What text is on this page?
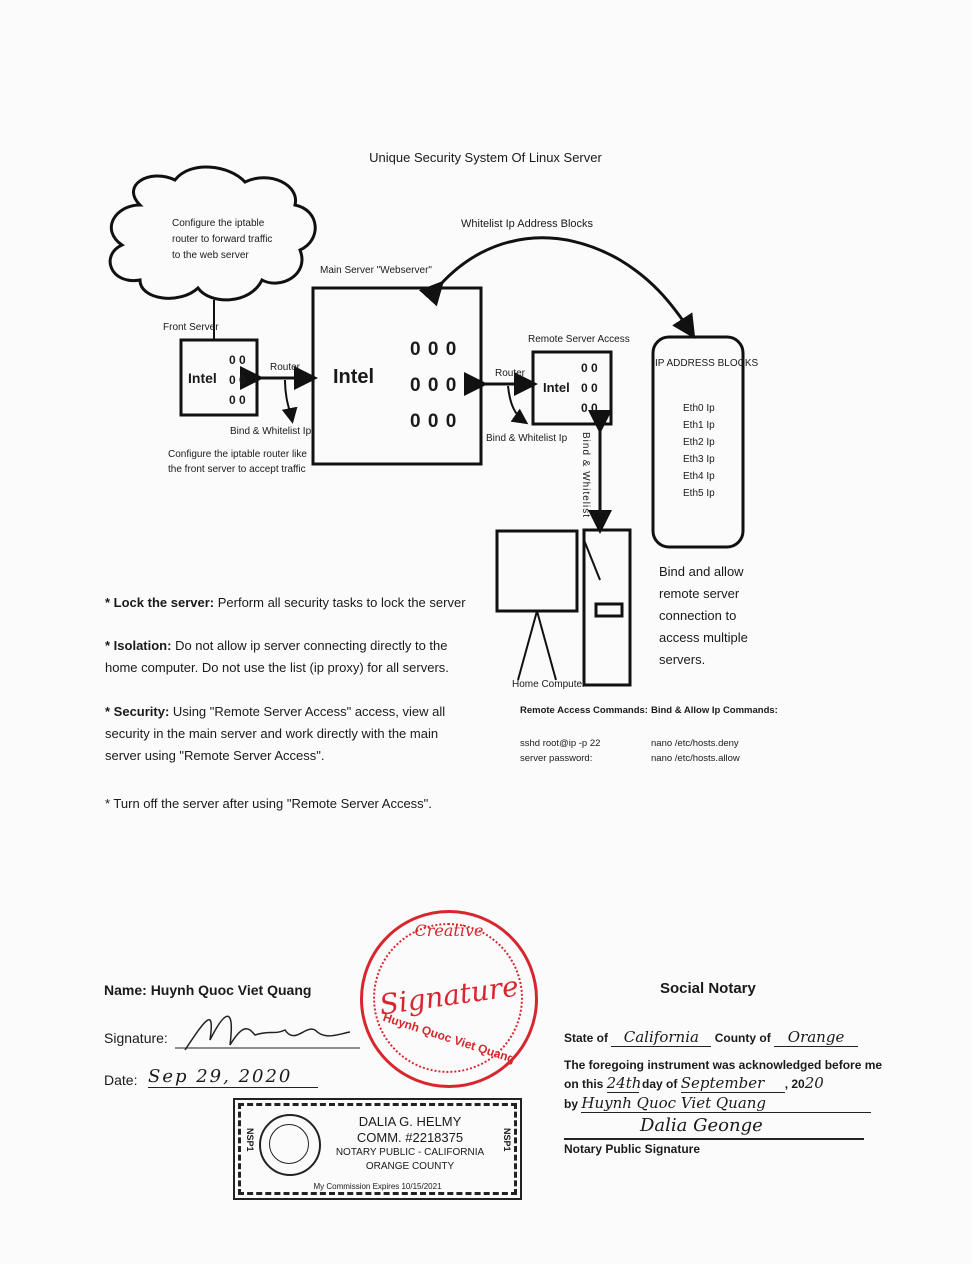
Unique Security System Of Linux Server
Configure the iptable router to forward traffic to the web server
Front Server
Main Server "Webserver"
Remote Server Access
Whitelist Ip Address Blocks
Intel
0 0
0 0
0 0
Intel
0 0 0
0 0 0
0 0 0
Intel
0 0
0 0
0 0
Router
Router
Bind & Whitelist Ip
Bind & Whitelist Ip
Configure the iptable router like the front server to accept traffic	Bind & Whitelist
IP ADDRESS BLOCKS
Eth0 Ip
Eth1 Ip
Eth2 Ip
Eth3 Ip
Eth4 Ip
Eth5 Ip
Home Computer
Bind and allow remote server connection to access multiple servers.
* Lock the server: Perform all security tasks to lock the server
* Isolation: Do not allow ip server connecting directly to the home computer. Do not use the list (ip proxy) for all servers.
* Security: Using "Remote Server Access" access, view all security in the main server and work directly with the main server using "Remote Server Access".
* Turn off the server after using "Remote Server Access".
Remote Access Commands:
sshd root@ip -p 22
server password:
Bind & Allow Ip Commands:
nano /etc/hosts.deny
nano /etc/hosts.allow
Name: Huynh Quoc Viet Quang
Signature:
Date: Sep 29, 2020
Creative
Signature
Huynh Quoc Viet Quang
NSP1	NSP1
DALIA G. HELMY
COMM. #2218375
NOTARY PUBLIC - CALIFORNIA
ORANGE COUNTY
My Commission Expires 10/15/2021
Social Notary
State of California County of Orange
The foregoing instrument was acknowledged before me
on this 24th day of September , 2020
by Huynh Quoc Viet Quang
Dalia Geonge
Notary Public Signature
